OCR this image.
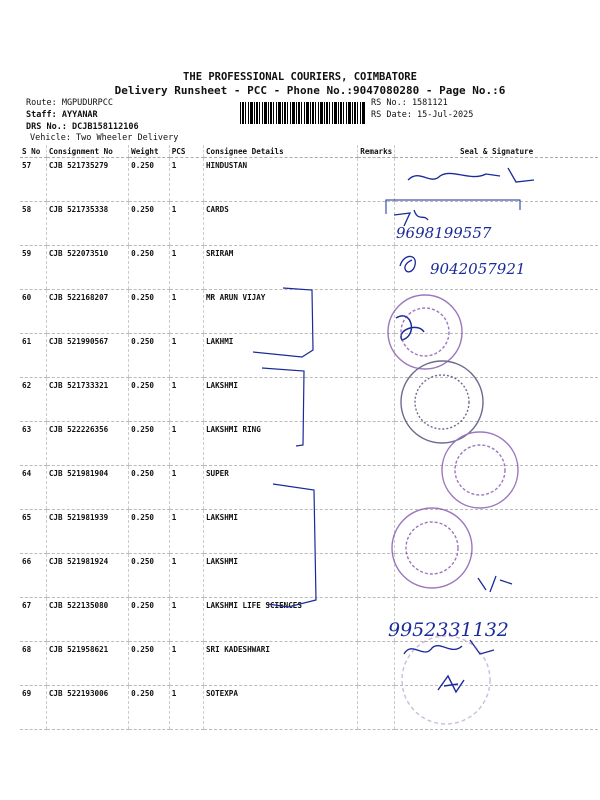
THE PROFESSIONAL COURIERS, COIMBATORE
Delivery Runsheet - PCC - Phone No.:9047080280 - Page No.:6
Route: MGPUDURPCC
Staff: AYYANAR
DRS No.: DCJB158112106
Vehicle: Two Wheeler Delivery
RS No.: 1581121
RS Date: 15-Jul-2025
S No	Consignment No	Weight	PCS	Consignee Details	Remarks	Seal & Signature
57	CJB 521735279	0.250	1	HINDUSTAN		
58	CJB 521735338	0.250	1	CARDS		
59	CJB 522073510	0.250	1	SRIRAM		
60	CJB 522168207	0.250	1	MR ARUN VIJAY		
61	CJB 521990567	0.250	1	LAKHMI		
62	CJB 521733321	0.250	1	LAKSHMI		
63	CJB 522226356	0.250	1	LAKSHMI RING		
64	CJB 521981904	0.250	1	SUPER		
65	CJB 521981939	0.250	1	LAKSHMI		
66	CJB 521981924	0.250	1	LAKSHMI		
67	CJB 522135080	0.250	1	LAKSHMI LIFE SCIENCES		
68	CJB 521958621	0.250	1	SRI KADESHWARI		
69	CJB 522193006	0.250	1	SOTEXPA		
9698199557
9042057921
9952331132
